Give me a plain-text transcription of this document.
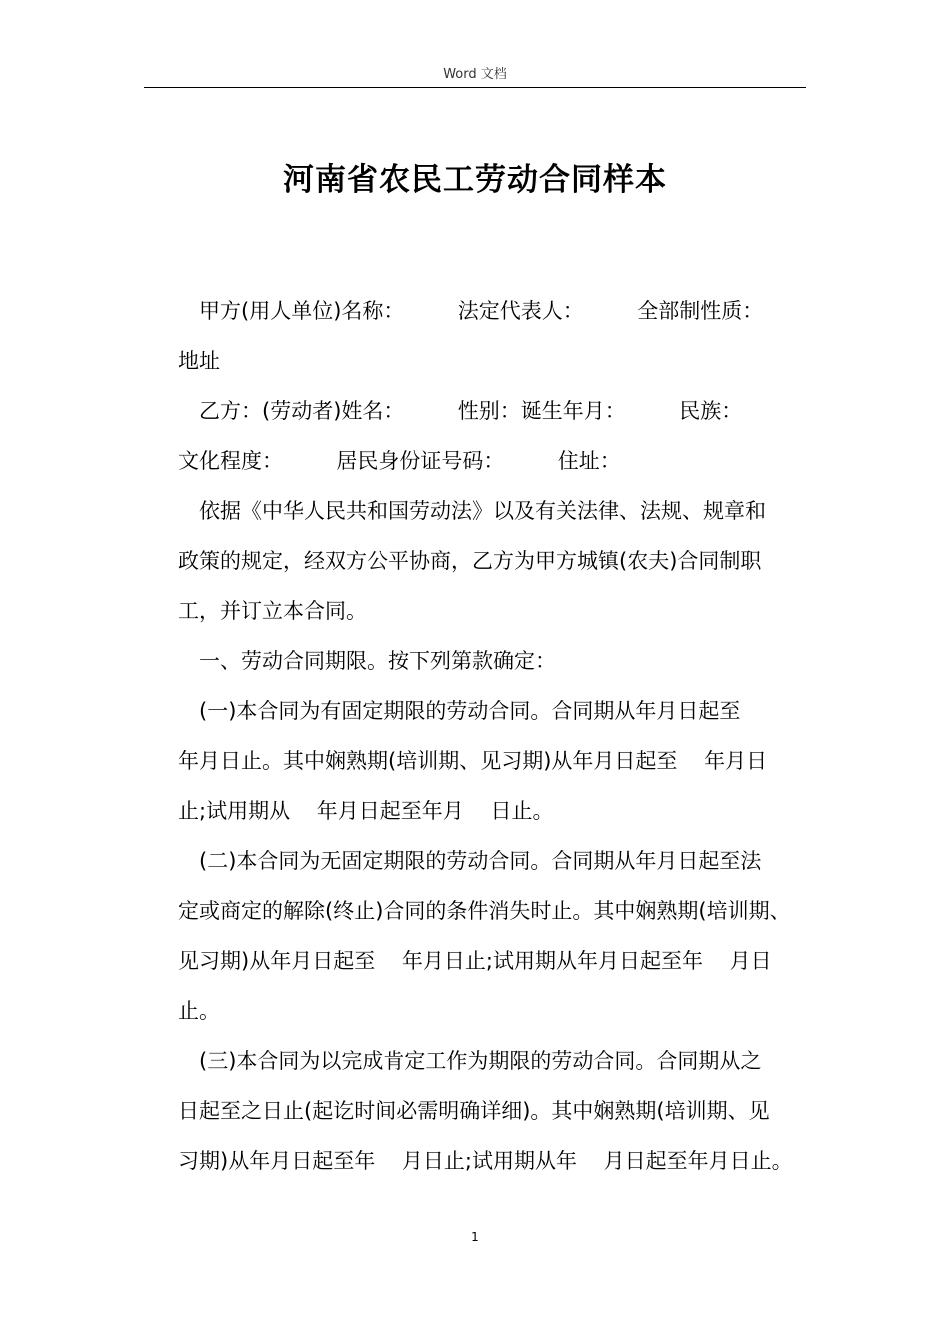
Word 文档
河南省农民工劳动合同样本
甲方(用人单位)名称：        法定代表人：        全部制性质：
地址
乙方：(劳动者)姓名：        性别：诞生年月：        民族：
文化程度：        居民身份证号码：        住址：
依据《中华人民共和国劳动法》以及有关法律、法规、规章和
政策的规定，经双方公平协商，乙方为甲方城镇(农夫)合同制职
工，并订立本合同。
一、劳动合同期限。按下列第款确定：
(一)本合同为有固定期限的劳动合同。合同期从年月日起至
年月日止。其中娴熟期(培训期、见习期)从年月日起至    年月日
止;试用期从    年月日起至年月    日止。
(二)本合同为无固定期限的劳动合同。合同期从年月日起至法
定或商定的解除(终止)合同的条件消失时止。其中娴熟期(培训期、
见习期)从年月日起至    年月日止;试用期从年月日起至年    月日
止。
(三)本合同为以完成肯定工作为期限的劳动合同。合同期从之
日起至之日止(起讫时间必需明确详细)。其中娴熟期(培训期、见
习期)从年月日起至年    月日止;试用期从年    月日起至年月日止。
1
